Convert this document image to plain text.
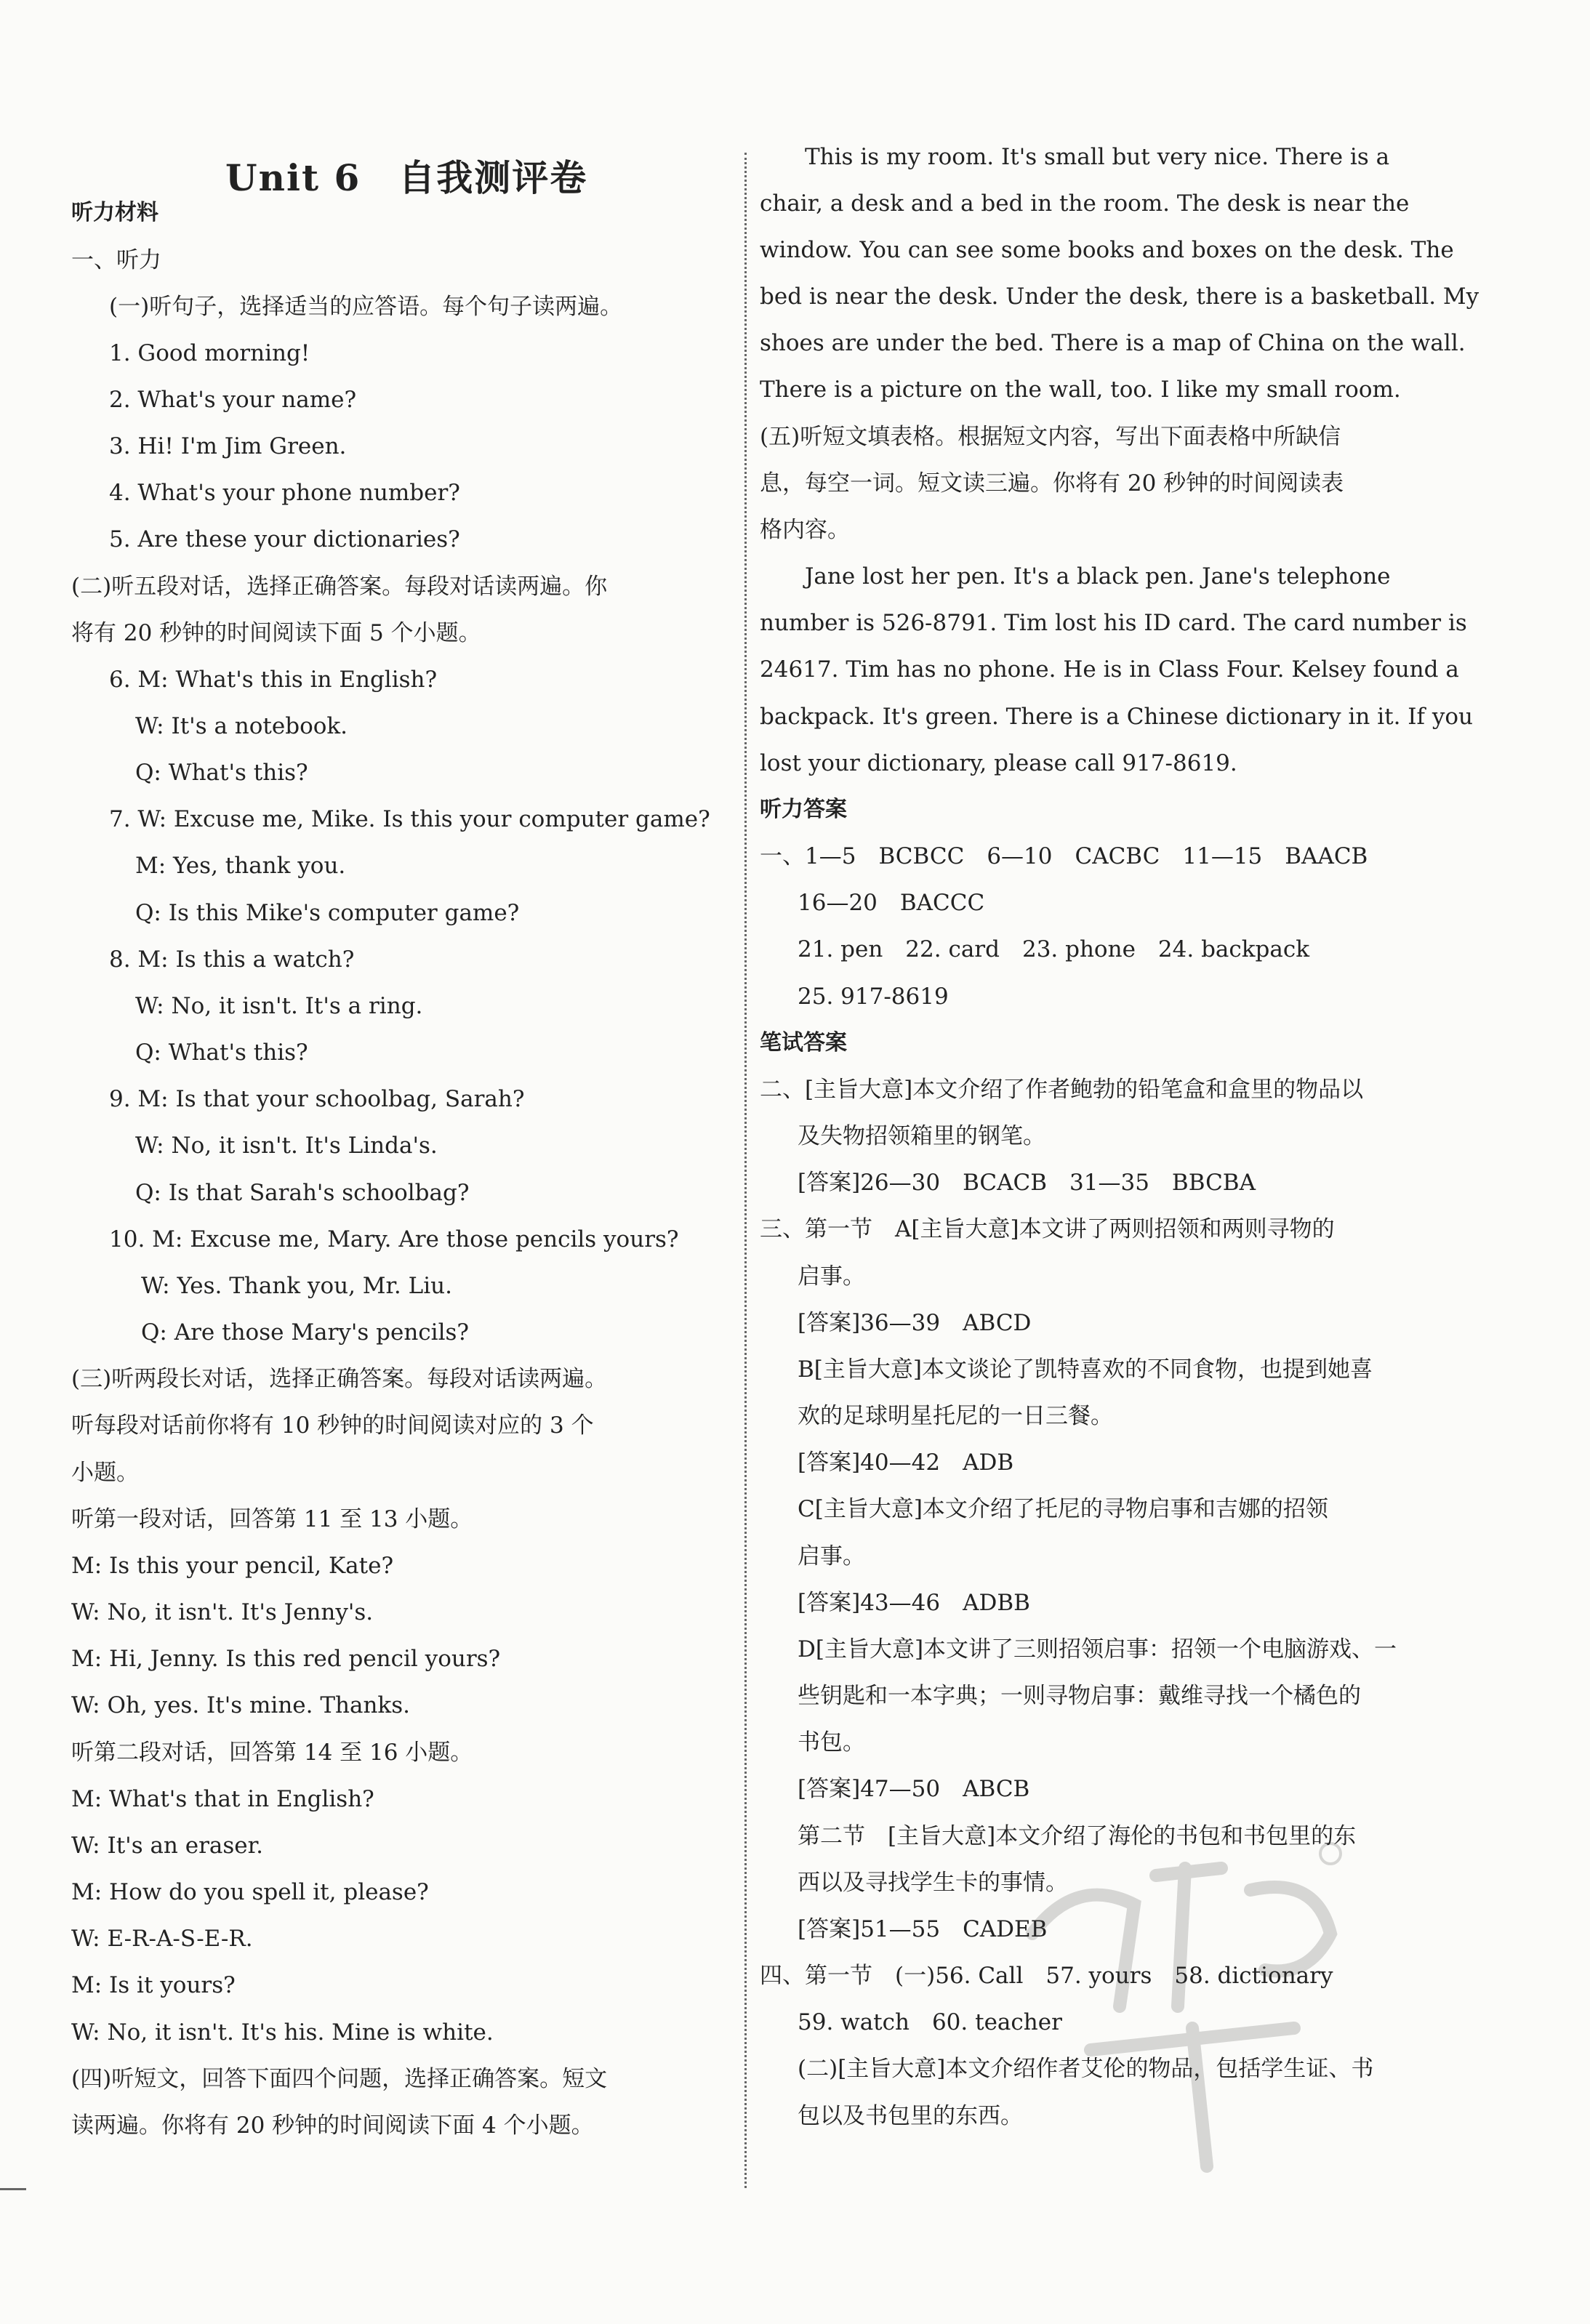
Unit 6　自我测评卷
听力材料
一、听力
(一)听句子，选择适当的应答语。每个句子读两遍。
1. Good morning!
2. What's your name?
3. Hi! I'm Jim Green.
4. What's your phone number?
5. Are these your dictionaries?
(二)听五段对话，选择正确答案。每段对话读两遍。你
将有 20 秒钟的时间阅读下面 5 个小题。
6. M: What's this in English?
W: It's a notebook.
Q: What's this?
7. W: Excuse me, Mike. Is this your computer game?
M: Yes, thank you.
Q: Is this Mike's computer game?
8. M: Is this a watch?
W: No, it isn't. It's a ring.
Q: What's this?
9. M: Is that your schoolbag, Sarah?
W: No, it isn't. It's Linda's.
Q: Is that Sarah's schoolbag?
10. M: Excuse me, Mary. Are those pencils yours?
W: Yes. Thank you, Mr. Liu.
Q: Are those Mary's pencils?
(三)听两段长对话，选择正确答案。每段对话读两遍。
听每段对话前你将有 10 秒钟的时间阅读对应的 3 个
小题。
听第一段对话，回答第 11 至 13 小题。
M: Is this your pencil, Kate?
W: No, it isn't. It's Jenny's.
M: Hi, Jenny. Is this red pencil yours?
W: Oh, yes. It's mine. Thanks.
听第二段对话，回答第 14 至 16 小题。
M: What's that in English?
W: It's an eraser.
M: How do you spell it, please?
W: E-R-A-S-E-R.
M: Is it yours?
W: No, it isn't. It's his. Mine is white.
(四)听短文，回答下面四个问题，选择正确答案。短文
读两遍。你将有 20 秒钟的时间阅读下面 4 个小题。
　　This is my room. It's small but very nice. There is a
chair, a desk and a bed in the room. The desk is near the
window. You can see some books and boxes on the desk. The
bed is near the desk. Under the desk, there is a basketball. My
shoes are under the bed. There is a map of China on the wall.
There is a picture on the wall, too. I like my small room.
(五)听短文填表格。根据短文内容，写出下面表格中所缺信
息，每空一词。短文读三遍。你将有 20 秒钟的时间阅读表
格内容。
　　Jane lost her pen. It's a black pen. Jane's telephone
number is 526-8791. Tim lost his ID card. The card number is
24617. Tim has no phone. He is in Class Four. Kelsey found a
backpack. It's green. There is a Chinese dictionary in it. If you
lost your dictionary, please call 917-8619.
听力答案
一、1—5　BCBCC　6—10　CACBC　11—15　BAACB
16—20　BACCC
21. pen　22. card　23. phone　24. backpack
25. 917-8619
笔试答案
二、[主旨大意]本文介绍了作者鲍勃的铅笔盒和盒里的物品以
及失物招领箱里的钢笔。
[答案]26—30　BCACB　31—35　BBCBA
三、第一节　A[主旨大意]本文讲了两则招领和两则寻物的
启事。
[答案]36—39　ABCD
B[主旨大意]本文谈论了凯特喜欢的不同食物，也提到她喜
欢的足球明星托尼的一日三餐。
[答案]40—42　ADB
C[主旨大意]本文介绍了托尼的寻物启事和吉娜的招领
启事。
[答案]43—46　ADBB
D[主旨大意]本文讲了三则招领启事：招领一个电脑游戏、一
些钥匙和一本字典；一则寻物启事：戴维寻找一个橘色的
书包。
[答案]47—50　ABCB
第二节　[主旨大意]本文介绍了海伦的书包和书包里的东
西以及寻找学生卡的事情。
[答案]51—55　CADEB
四、第一节　(一)56. Call　57. yours　58. dictionary
59. watch　60. teacher
(二)[主旨大意]本文介绍作者艾伦的物品，包括学生证、书
包以及书包里的东西。
